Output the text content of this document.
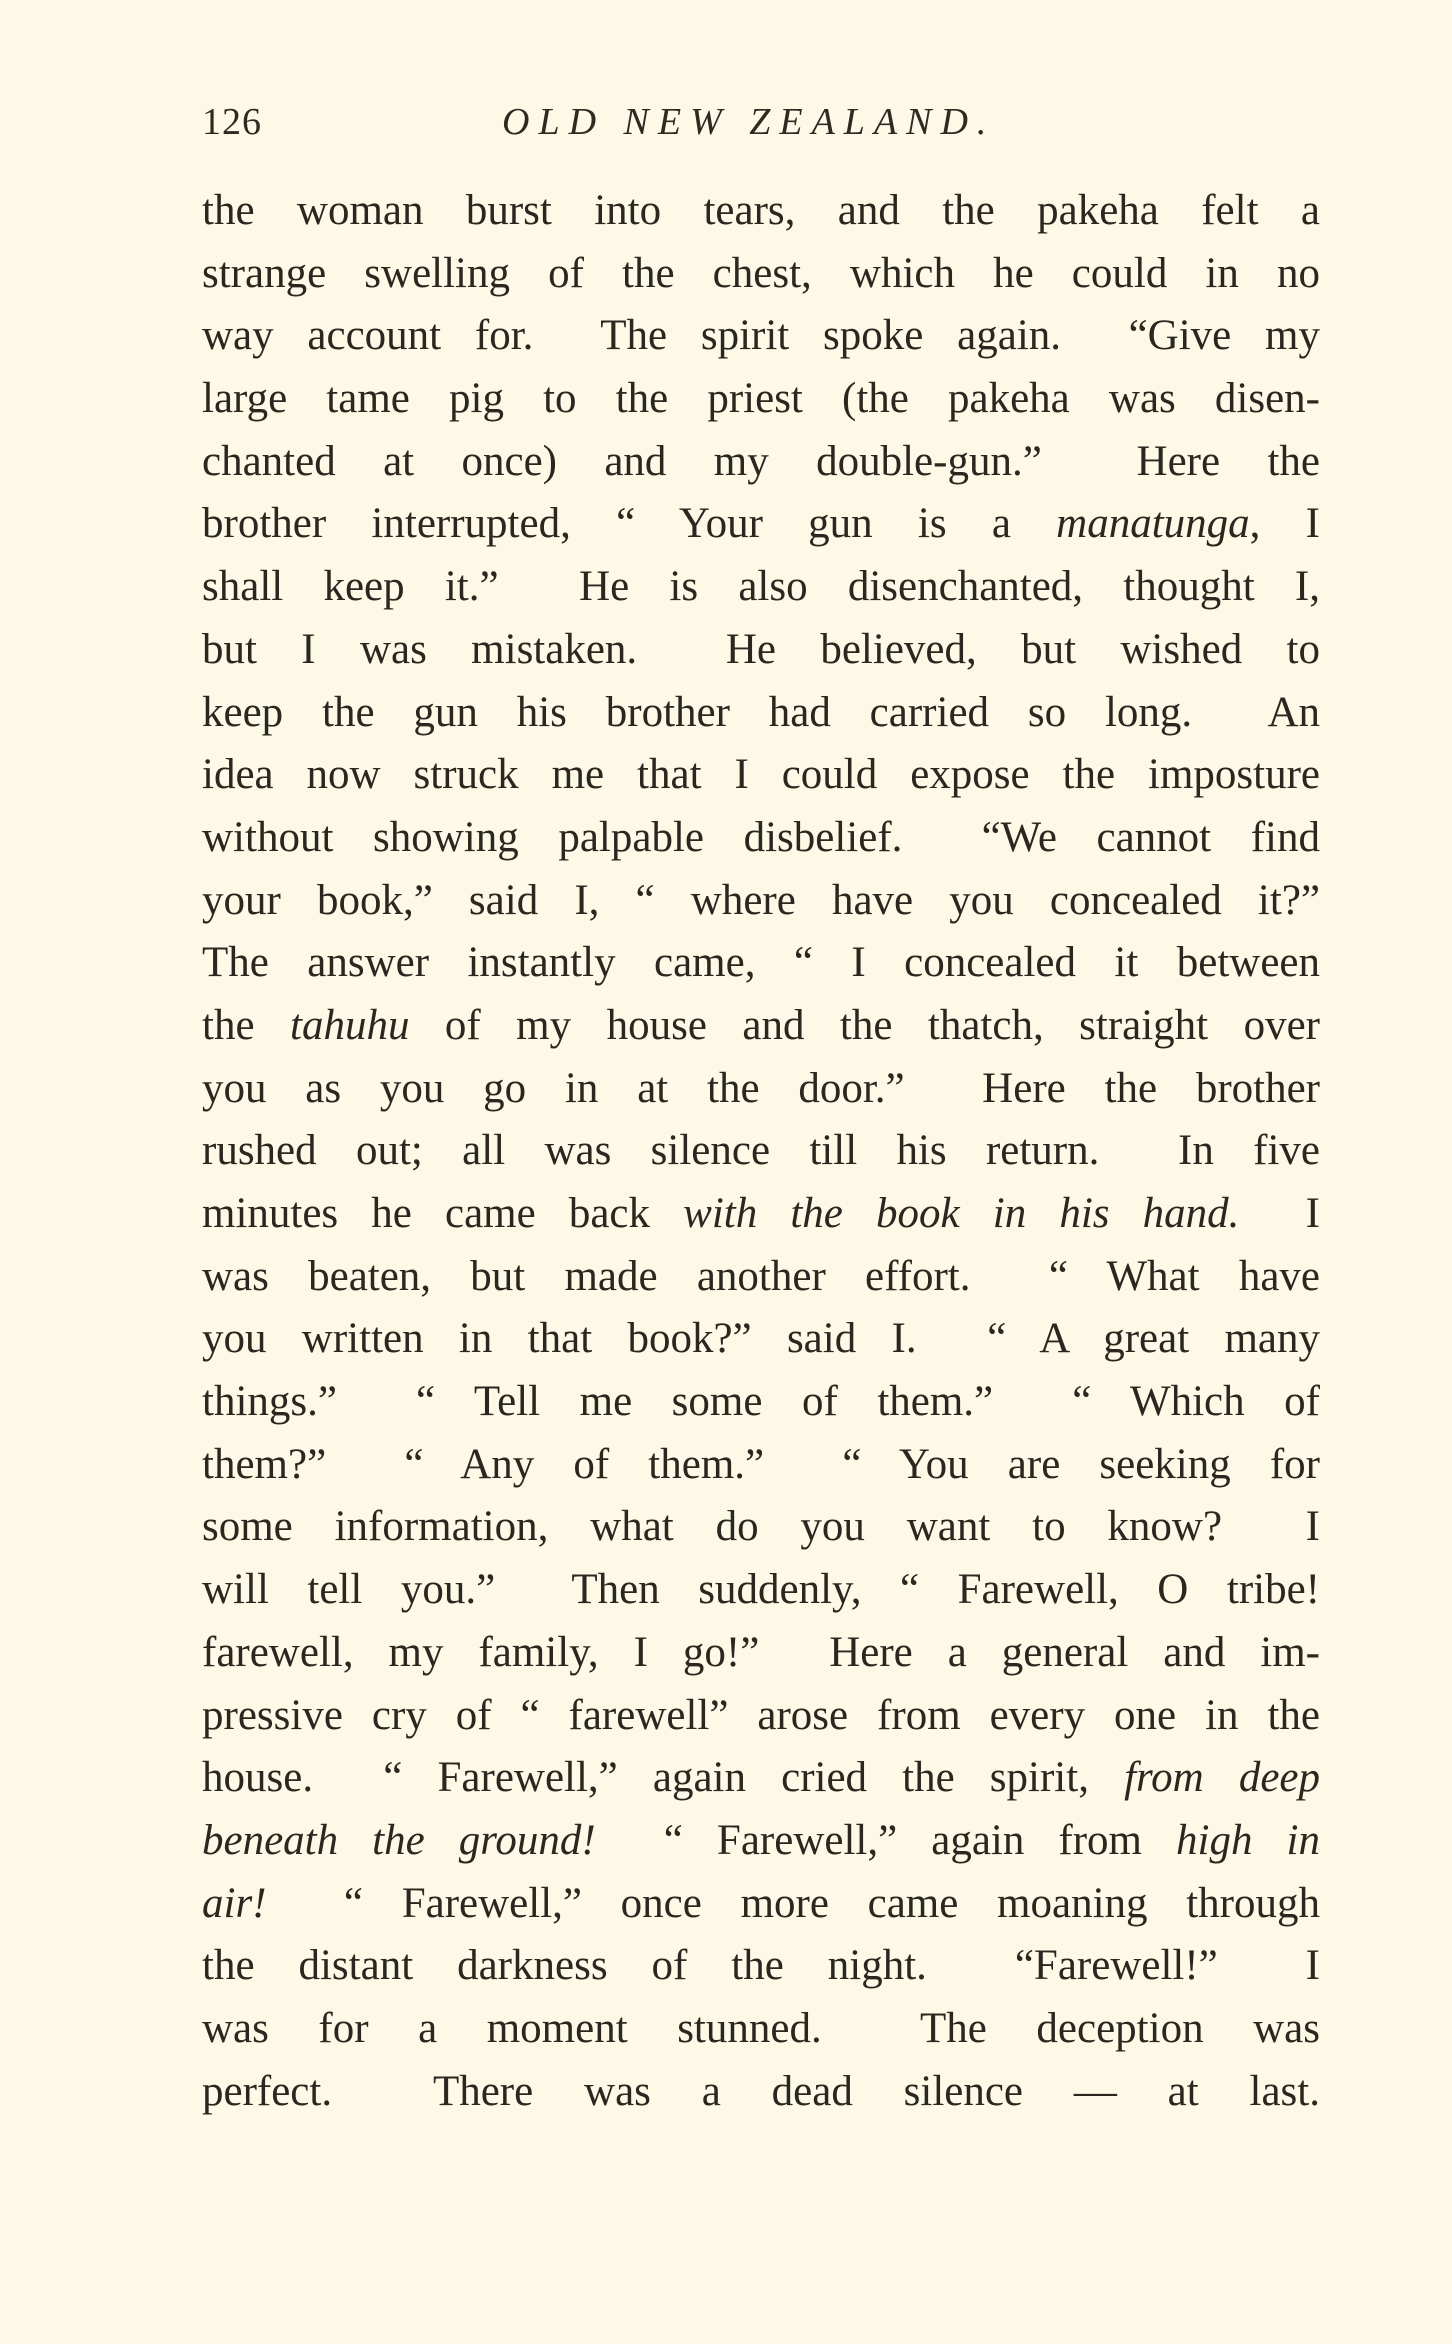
126	OLD NEW ZEALAND.
the woman burst into tears, and the pakeha felt a
strange swelling of the chest, which he could in no
way account for.  The spirit spoke again.  “Give my
large tame pig to the priest (the pakeha was disen-
chanted at once) and my double-gun.”  Here the
brother interrupted, “ Your gun is a manatunga, I
shall keep it.”  He is also disenchanted, thought I,
but I was mistaken.  He believed, but wished to
keep the gun his brother had carried so long.  An
idea now struck me that I could expose the imposture
without showing palpable disbelief.  “We cannot find
your book,” said I, “ where have you concealed it?”
The answer instantly came, “ I concealed it between
the tahuhu of my house and the thatch, straight over
you as you go in at the door.”  Here the brother
rushed out; all was silence till his return.  In five
minutes he came back with the book in his hand.  I
was beaten, but made another effort.  “ What have
you written in that book?” said I.  “ A great many
things.”  “ Tell me some of them.”  “ Which of
them?”  “ Any of them.”  “ You are seeking for
some information, what do you want to know?  I
will tell you.”  Then suddenly, “ Farewell, O tribe!
farewell, my family, I go!”  Here a general and im-
pressive cry of “ farewell” arose from every one in the
house.  “ Farewell,” again cried the spirit, from deep
beneath the ground!  “ Farewell,” again from high in
air!  “ Farewell,” once more came moaning through
the distant darkness of the night.  “Farewell!”  I
was for a moment stunned.  The deception was
perfect.  There was a dead silence — at last.
